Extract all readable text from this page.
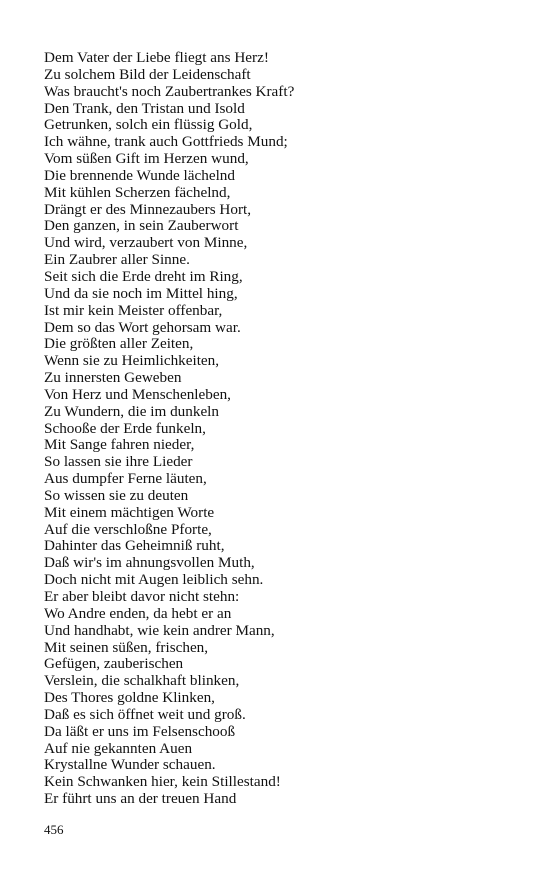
Dem Vater der Liebe fliegt ans Herz!
Zu solchem Bild der Leidenschaft
Was braucht's noch Zaubertrankes Kraft?
Den Trank, den Tristan und Isold
Getrunken, solch ein flüssig Gold,
Ich wähne, trank auch Gottfrieds Mund;
Vom süßen Gift im Herzen wund,
Die brennende Wunde lächelnd
Mit kühlen Scherzen fächelnd,
Drängt er des Minnezaubers Hort,
Den ganzen, in sein Zauberwort
Und wird, verzaubert von Minne,
Ein Zaubrer aller Sinne.
Seit sich die Erde dreht im Ring,
Und da sie noch im Mittel hing,
Ist mir kein Meister offenbar,
Dem so das Wort gehorsam war.
Die größten aller Zeiten,
Wenn sie zu Heimlichkeiten,
Zu innersten Geweben
Von Herz und Menschenleben,
Zu Wundern, die im dunkeln
Schooße der Erde funkeln,
Mit Sange fahren nieder,
So lassen sie ihre Lieder
Aus dumpfer Ferne läuten,
So wissen sie zu deuten
Mit einem mächtigen Worte
Auf die verschloßne Pforte,
Dahinter das Geheimniß ruht,
Daß wir's im ahnungsvollen Muth,
Doch nicht mit Augen leiblich sehn.
Er aber bleibt davor nicht stehn:
Wo Andre enden, da hebt er an
Und handhabt, wie kein andrer Mann,
Mit seinen süßen, frischen,
Gefügen, zauberischen
Verslein, die schalkhaft blinken,
Des Thores goldne Klinken,
Daß es sich öffnet weit und groß.
Da läßt er uns im Felsenschooß
Auf nie gekannten Auen
Krystallne Wunder schauen.
Kein Schwanken hier, kein Stillestand!
Er führt uns an der treuen Hand
456
